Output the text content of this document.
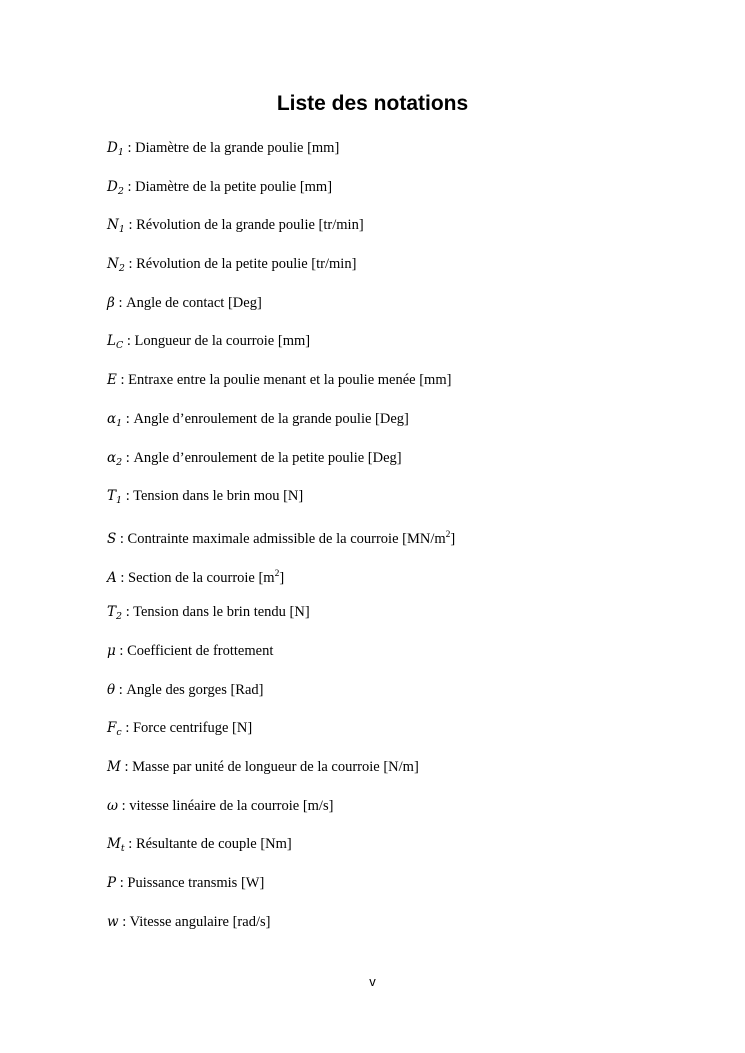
Liste des notations
$D_1$ : Diamètre de la grande poulie [mm]
$D_2$ : Diamètre de la petite poulie [mm]
$N_1$ : Révolution de la grande poulie [tr/min]
$N_2$ : Révolution de la petite poulie [tr/min]
β : Angle de contact [Deg]
$L_C$ : Longueur de la courroie [mm]
E : Entraxe entre la poulie menant et la poulie menée [mm]
$\alpha_1$ : Angle d’enroulement de la grande poulie [Deg]
$\alpha_2$ : Angle d’enroulement de la petite poulie [Deg]
$T_1$ : Tension dans le brin mou [N]
S : Contrainte maximale admissible de la courroie $[MN/m^2]$
A : Section de la courroie $[m^2]$
$T_2$ : Tension dans le brin tendu [N]
μ : Coefficient de frottement
θ : Angle des gorges [Rad]
$F_c$ : Force centrifuge [N]
M : Masse par unité de longueur de la courroie [N/m]
ω : vitesse linéaire de la courroie [m/s]
$M_t$ : Résultante de couple [Nm]
P : Puissance transmis [W]
w : Vitesse angulaire [rad/s]
v
